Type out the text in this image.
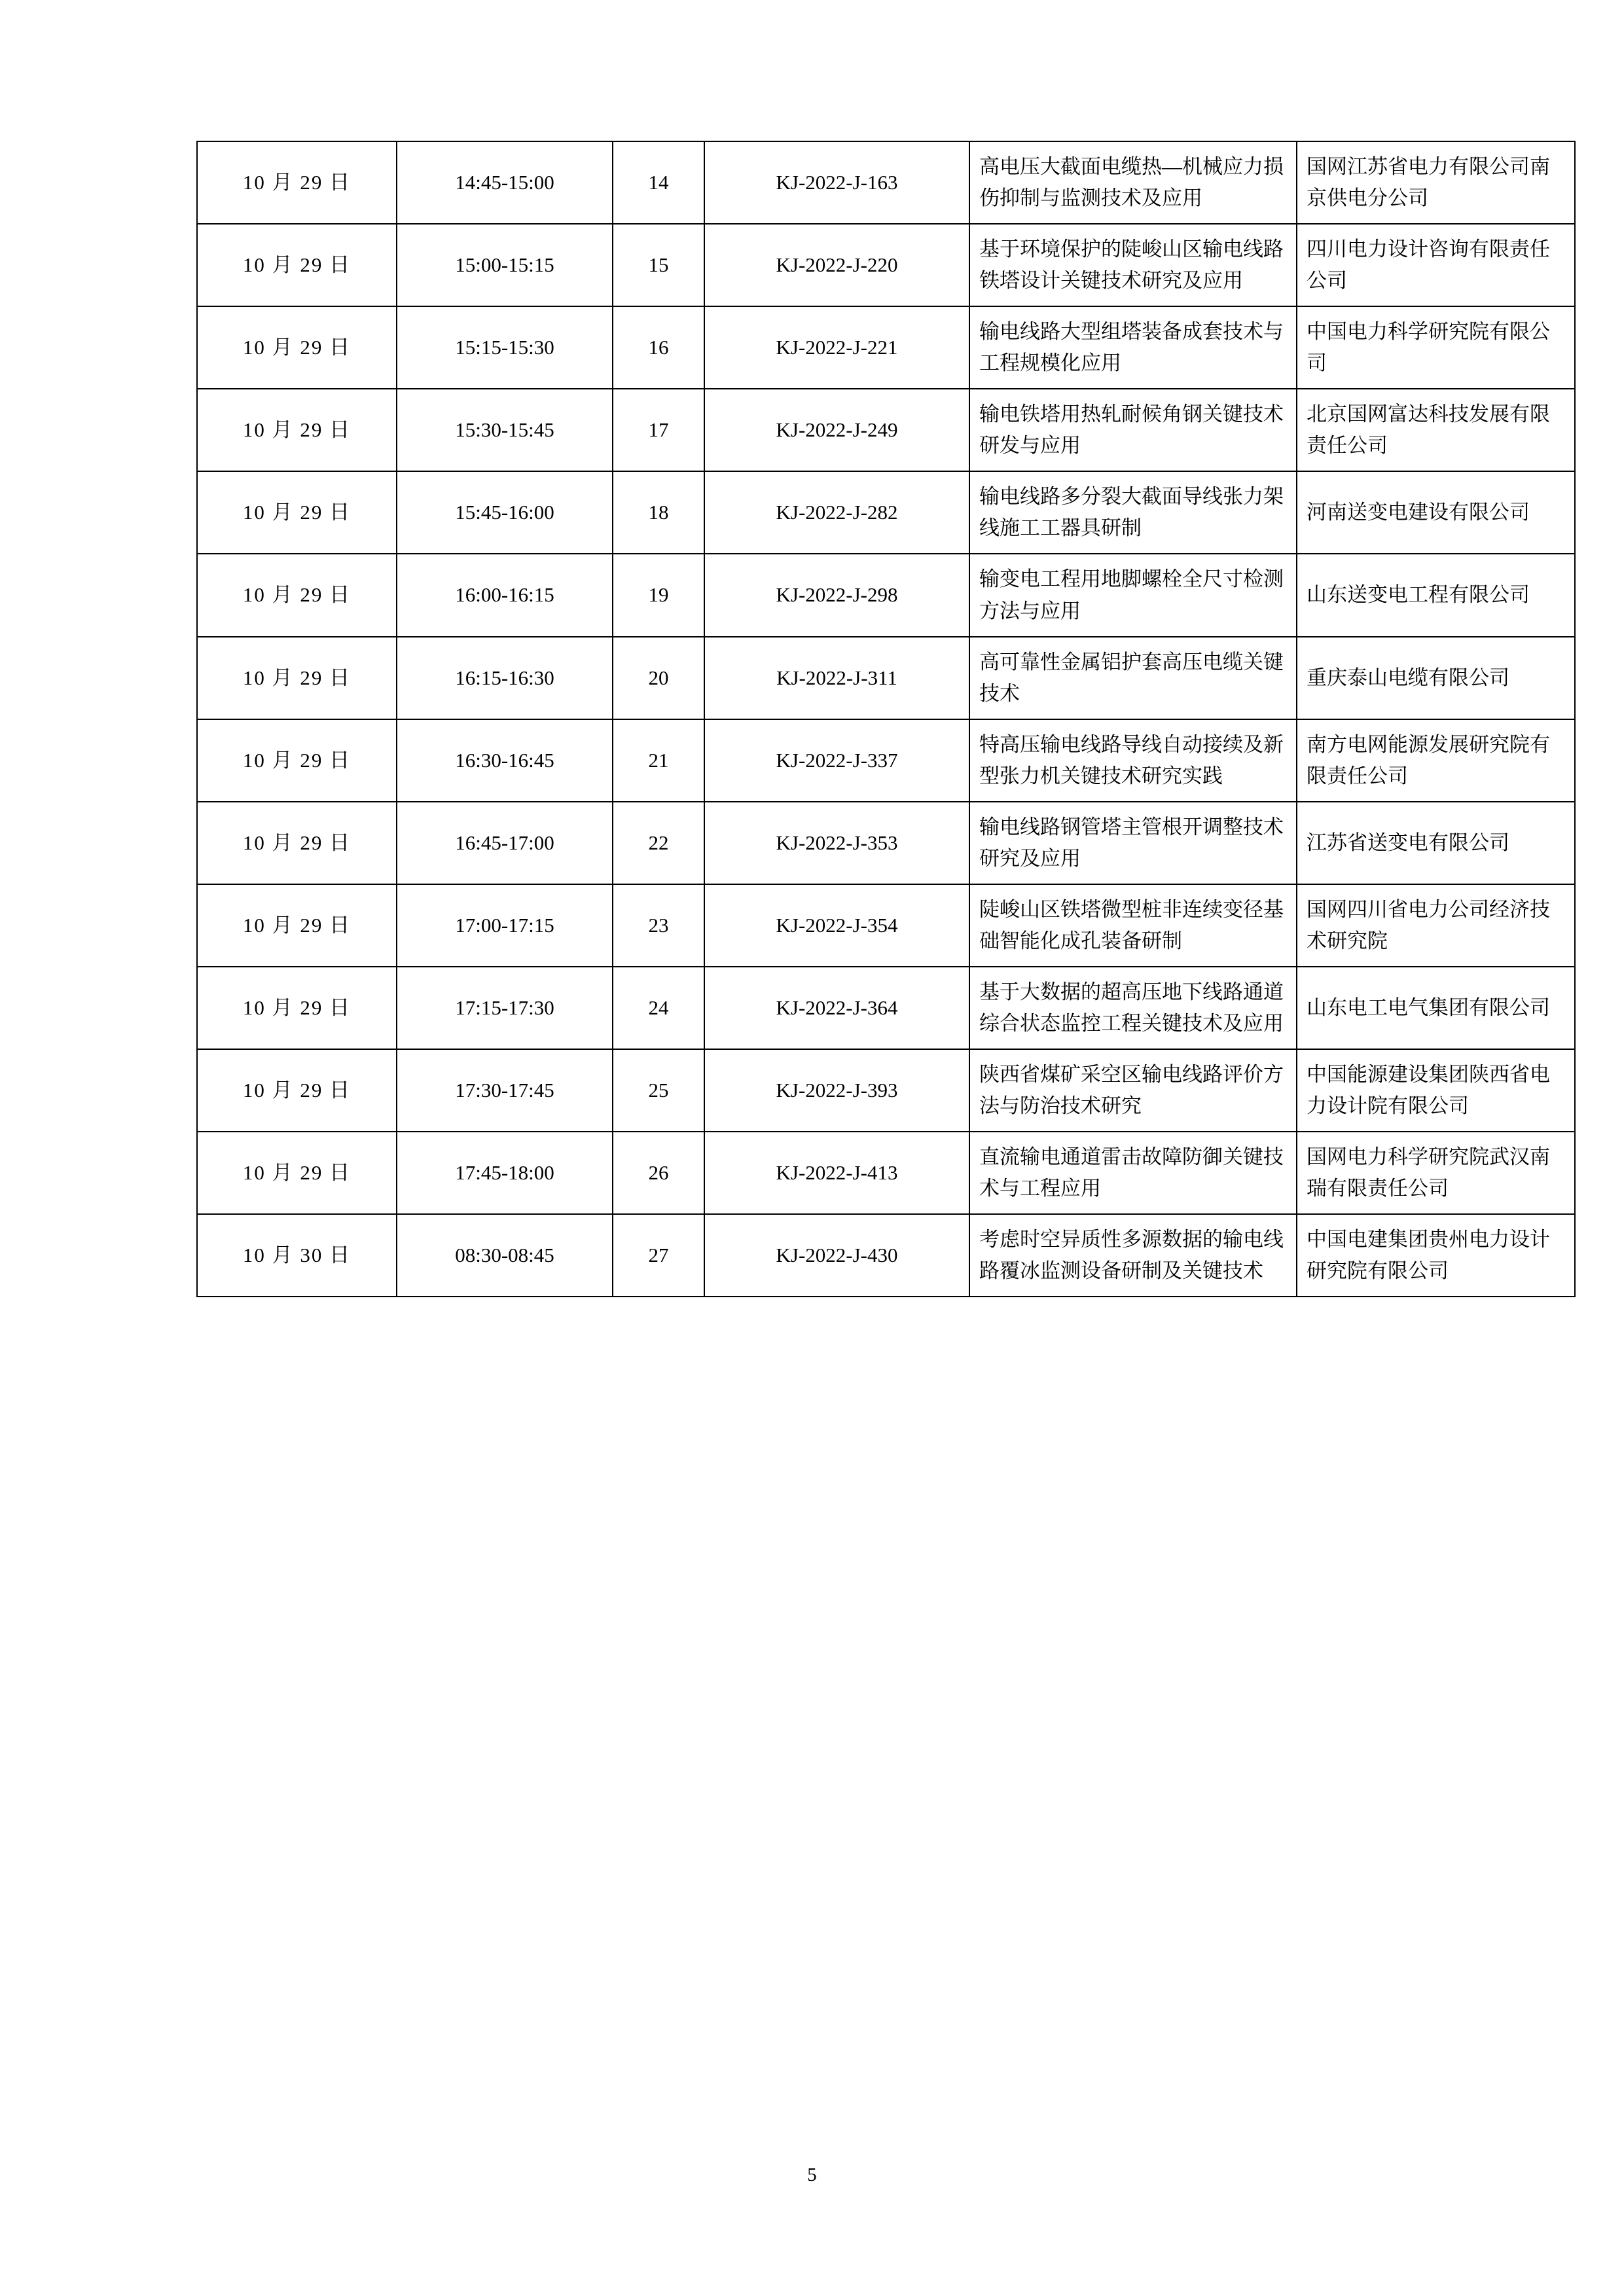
10 月 29 日	14:45-15:00	14	KJ-2022-J-163	高电压大截面电缆热—机械应力损伤抑制与监测技术及应用	国网江苏省电力有限公司南京供电分公司
10 月 29 日	15:00-15:15	15	KJ-2022-J-220	基于环境保护的陡峻山区输电线路铁塔设计关键技术研究及应用	四川电力设计咨询有限责任公司
10 月 29 日	15:15-15:30	16	KJ-2022-J-221	输电线路大型组塔装备成套技术与工程规模化应用	中国电力科学研究院有限公司
10 月 29 日	15:30-15:45	17	KJ-2022-J-249	输电铁塔用热轧耐候角钢关键技术研发与应用	北京国网富达科技发展有限责任公司
10 月 29 日	15:45-16:00	18	KJ-2022-J-282	输电线路多分裂大截面导线张力架线施工工器具研制	河南送变电建设有限公司
10 月 29 日	16:00-16:15	19	KJ-2022-J-298	输变电工程用地脚螺栓全尺寸检测方法与应用	山东送变电工程有限公司
10 月 29 日	16:15-16:30	20	KJ-2022-J-311	高可靠性金属铝护套高压电缆关键技术	重庆泰山电缆有限公司
10 月 29 日	16:30-16:45	21	KJ-2022-J-337	特高压输电线路导线自动接续及新型张力机关键技术研究实践	南方电网能源发展研究院有限责任公司
10 月 29 日	16:45-17:00	22	KJ-2022-J-353	输电线路钢管塔主管根开调整技术研究及应用	江苏省送变电有限公司
10 月 29 日	17:00-17:15	23	KJ-2022-J-354	陡峻山区铁塔微型桩非连续变径基础智能化成孔装备研制	国网四川省电力公司经济技术研究院
10 月 29 日	17:15-17:30	24	KJ-2022-J-364	基于大数据的超高压地下线路通道综合状态监控工程关键技术及应用	山东电工电气集团有限公司
10 月 29 日	17:30-17:45	25	KJ-2022-J-393	陕西省煤矿采空区输电线路评价方法与防治技术研究	中国能源建设集团陕西省电力设计院有限公司
10 月 29 日	17:45-18:00	26	KJ-2022-J-413	直流输电通道雷击故障防御关键技术与工程应用	国网电力科学研究院武汉南瑞有限责任公司
10 月 30 日	08:30-08:45	27	KJ-2022-J-430	考虑时空异质性多源数据的输电线路覆冰监测设备研制及关键技术	中国电建集团贵州电力设计研究院有限公司
5
